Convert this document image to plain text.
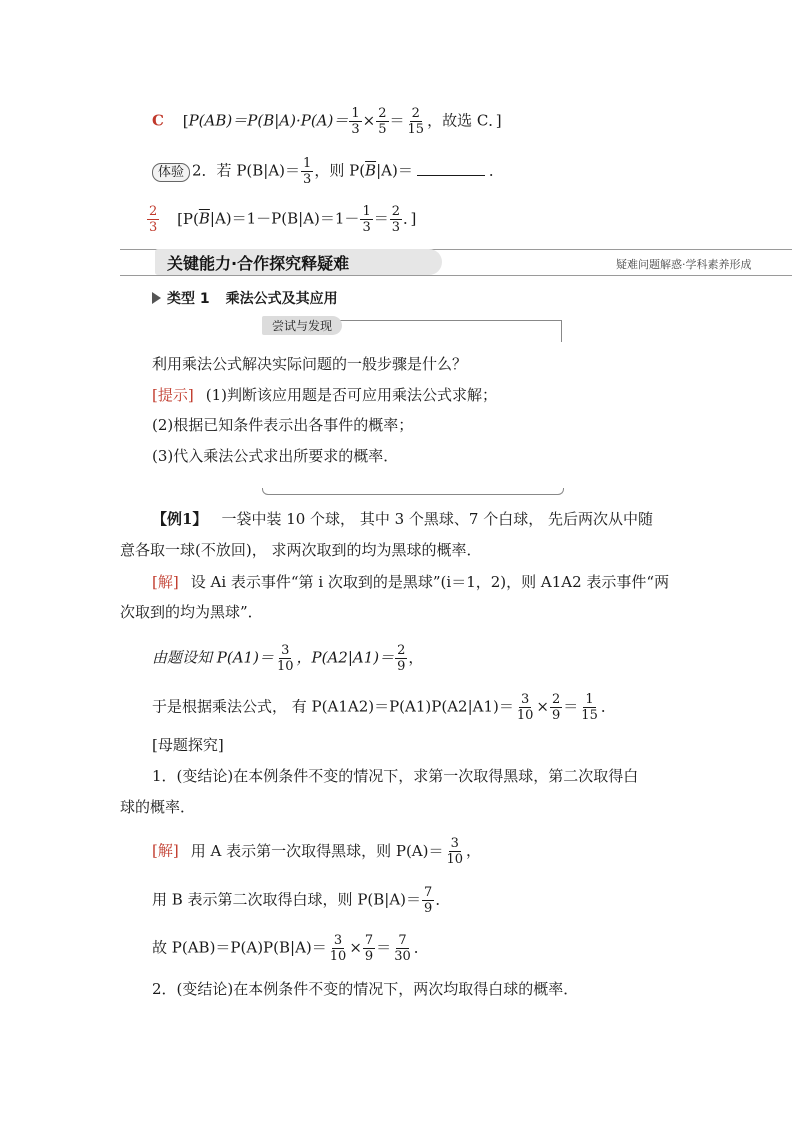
C [$P(AB)=P(B|A)\cdot P(A)= \frac{1}{3} \times \frac{2}{5} = \frac{2}{15}$ ，故选 C．]
体验 2．若 $P(B|A)= \frac{1}{3}$ ，则 $P(\overline{B}|A)=$	．
$\frac{2}{3} [P(\overline{B}|A)=1-P(B|A)=1- \frac{1}{3} = \frac{2}{3}$ ．]
关键能力·合作探究释疑难	疑难问题解惑·学科素养形成
类型 1 乘法公式及其应用
尝试与发现
利用乘法公式解决实际问题的一般步骤是什么？
[提示] (1)判断该应用题是否可应用乘法公式求解；
(2)根据已知条件表示出各事件的概率；
(3)代入乘法公式求出所要求的概率．
【例1】 一袋中装 10 个球， 其中 3 个黑球、7 个白球， 先后两次从中随
意各取一球(不放回)， 求两次取到的均为黑球的概率．
[解] 设 Ai 表示事件“第 i 次取到的是黑球”(i＝1，2)，则 A1A2 表示事件“两
次取到的均为黑球”．
由题设知 $P(A1)= \frac{3}{10}$ ，$P(A2|A1)= \frac{2}{9}$ ，
于是根据乘法公式， 有 $P(A1A2)=P(A1)P(A2|A1)= \frac{3}{10} \times \frac{2}{9} = \frac{1}{15}$ ．
[母题探究]
1．(变结论)在本例条件不变的情况下，求第一次取得黑球，第二次取得白
球的概率．
[解] 用 A 表示第一次取得黑球，则 $P(A)= \frac{3}{10}$ ，
用 B 表示第二次取得白球，则 $P(B|A)= \frac{7}{9}$ ．
故 $P(AB)=P(A)P(B|A)= \frac{3}{10} \times \frac{7}{9} = \frac{7}{30}$ ．
2．(变结论)在本例条件不变的情况下，两次均取得白球的概率．
